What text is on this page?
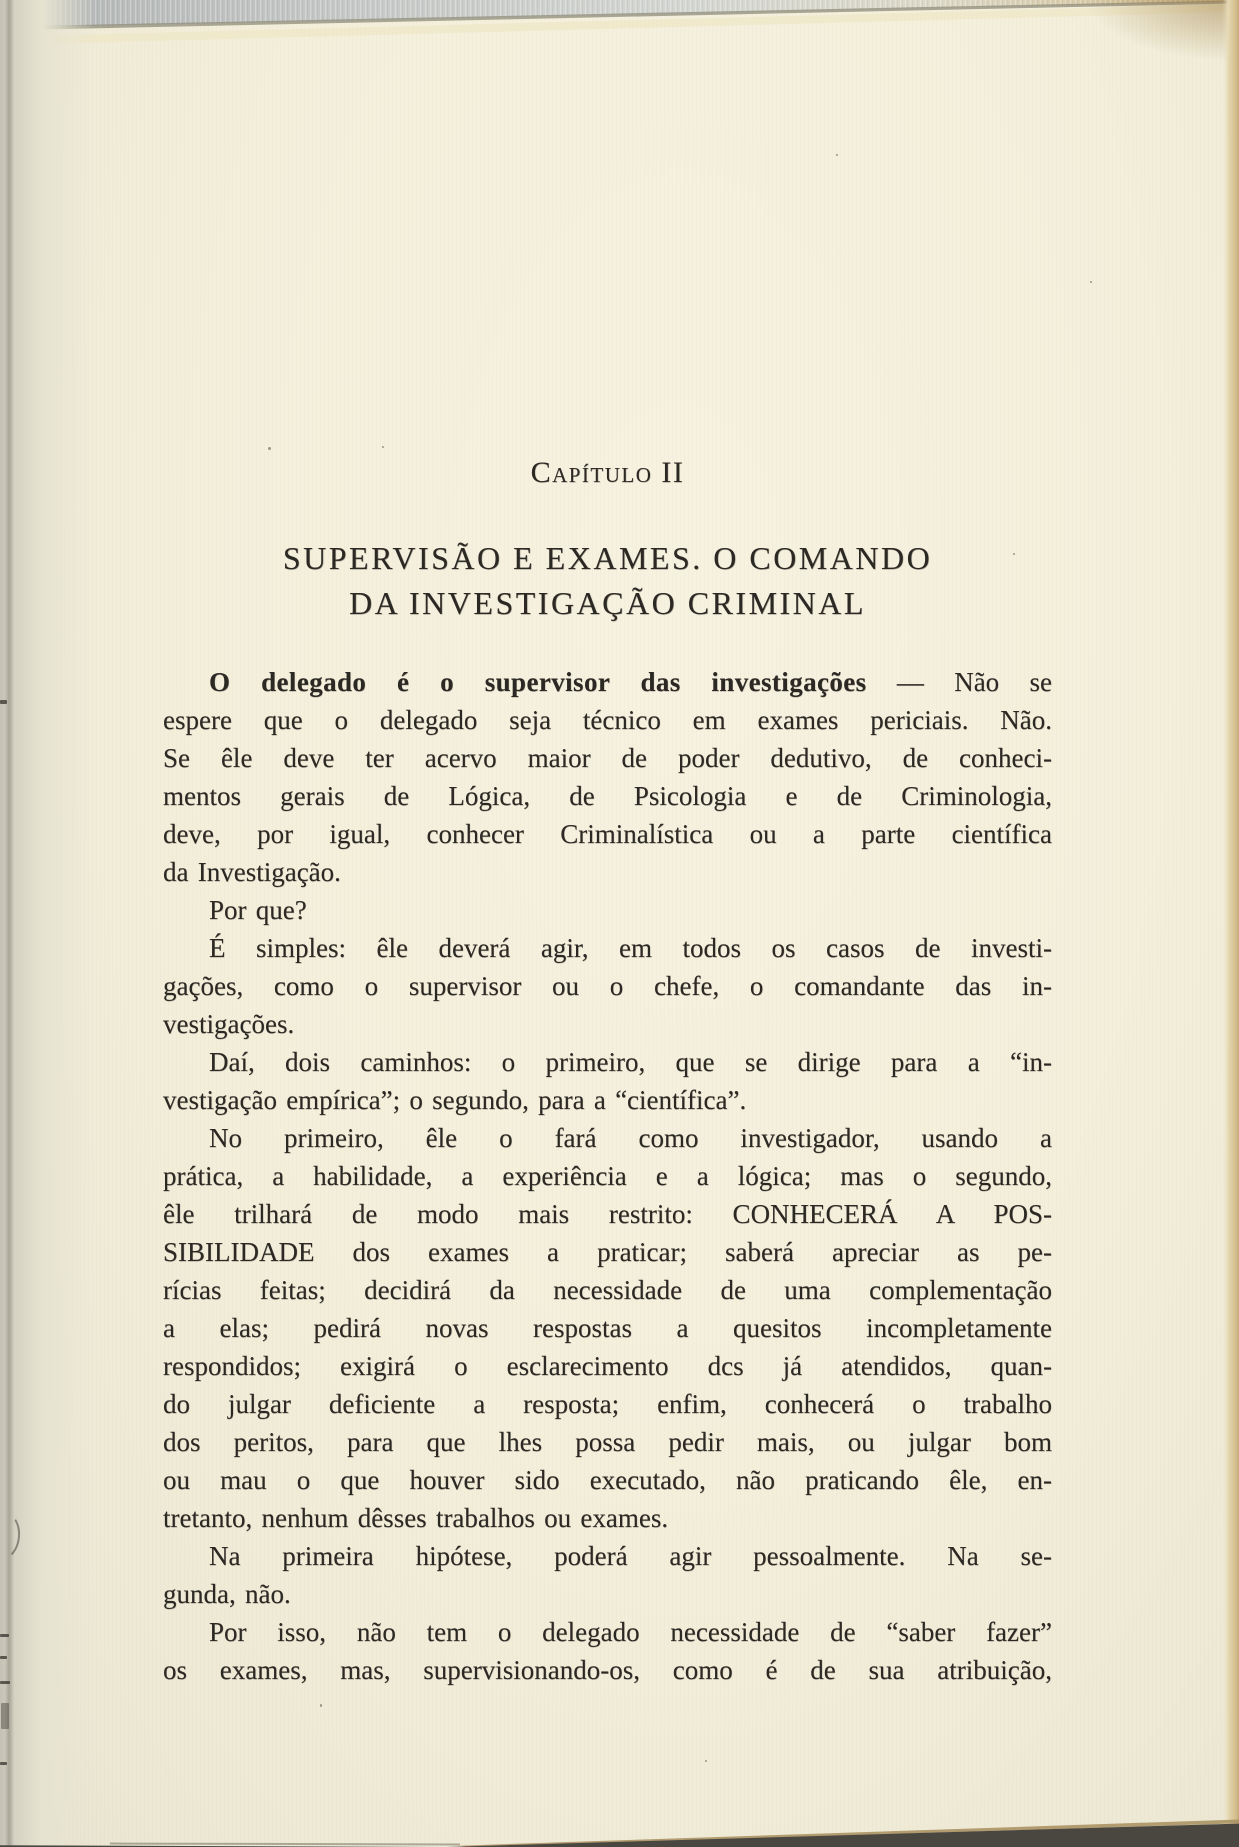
Capítulo II
SUPERVISÃO E EXAMES. O COMANDO
DA INVESTIGAÇÃO CRIMINAL
O delegado é o supervisor das investigações — Não se
espere que o delegado seja técnico em exames periciais. Não.
Se êle deve ter acervo maior de poder dedutivo, de conheci-
mentos gerais de Lógica, de Psicologia e de Criminologia,
deve, por igual, conhecer Criminalística ou a parte científica
da Investigação.
Por que?
É simples: êle deverá agir, em todos os casos de investi-
gações, como o supervisor ou o chefe, o comandante das in-
vestigações.
Daí, dois caminhos: o primeiro, que se dirige para a “in-
vestigação empírica”; o segundo, para a “científica”.
No primeiro, êle o fará como investigador, usando a
prática, a habilidade, a experiência e a lógica; mas o segundo,
êle trilhará de modo mais restrito: CONHECERÁ A POS-
SIBILIDADE dos exames a praticar; saberá apreciar as pe-
rícias feitas; decidirá da necessidade de uma complementação
a elas; pedirá novas respostas a quesitos incompletamente
respondidos; exigirá o esclarecimento dcs já atendidos, quan-
do julgar deficiente a resposta; enfim, conhecerá o trabalho
dos peritos, para que lhes possa pedir mais, ou julgar bom
ou mau o que houver sido executado, não praticando êle, en-
tretanto, nenhum dêsses trabalhos ou exames.
Na primeira hipótese, poderá agir pessoalmente. Na se-
gunda, não.
Por isso, não tem o delegado necessidade de “saber fazer”
os exames, mas, supervisionando-os, como é de sua atribuição,
